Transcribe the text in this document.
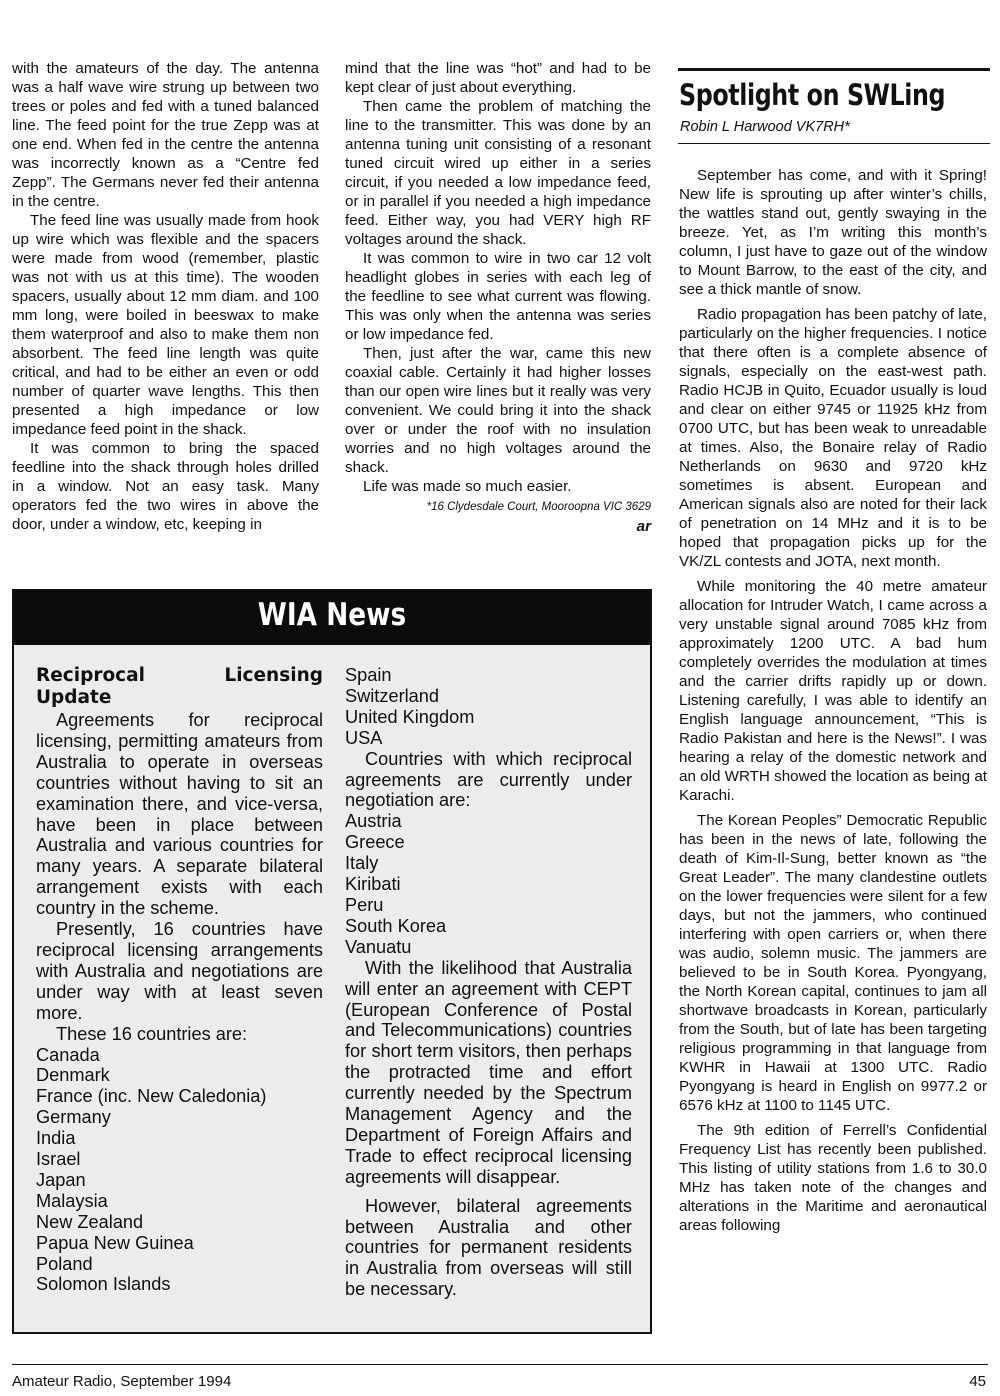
with the amateurs of the day. The antenna was a half wave wire strung up between two trees or poles and fed with a tuned balanced line. The feed point for the true Zepp was at one end. When fed in the centre the antenna was incorrectly known as a “Centre fed Zepp”. The Germans never fed their antenna in the centre.

The feed line was usually made from hook up wire which was flexible and the spacers were made from wood (remember, plastic was not with us at this time). The wooden spacers, usually about 12 mm diam. and 100 mm long, were boiled in beeswax to make them waterproof and also to make them non absorbent. The feed line length was quite critical, and had to be either an even or odd number of quarter wave lengths. This then presented a high impedance or low impedance feed point in the shack.

It was common to bring the spaced feedline into the shack through holes drilled in a window. Not an easy task. Many operators fed the two wires in above the door, under a window, etc, keeping in

mind that the line was “hot” and had to be kept clear of just about everything.

Then came the problem of matching the line to the transmitter. This was done by an antenna tuning unit consisting of a resonant tuned circuit wired up either in a series circuit, if you needed a low impedance feed, or in parallel if you needed a high impedance feed. Either way, you had VERY high RF voltages around the shack.

It was common to wire in two car 12 volt headlight globes in series with each leg of the feedline to see what current was flowing. This was only when the antenna was series or low impedance fed.

Then, just after the war, came this new coaxial cable. Certainly it had higher losses than our open wire lines but it really was very convenient. We could bring it into the shack over or under the roof with no insulation worries and no high voltages around the shack.

Life was made so much easier.

*16 Clydesdale Court, Mooroopna VIC 3629

ar

Spotlight on SWLing
Robin L Harwood VK7RH*

September has come, and with it Spring! New life is sprouting up after winter’s chills, the wattles stand out, gently swaying in the breeze. Yet, as I’m writing this month’s column, I just have to gaze out of the window to Mount Barrow, to the east of the city, and see a thick mantle of snow.

Radio propagation has been patchy of late, particularly on the higher frequencies. I notice that there often is a complete absence of signals, especially on the east-west path. Radio HCJB in Quito, Ecuador usually is loud and clear on either 9745 or 11925 kHz from 0700 UTC, but has been weak to unreadable at times. Also, the Bonaire relay of Radio Netherlands on 9630 and 9720 kHz sometimes is absent. European and American signals also are noted for their lack of penetration on 14 MHz and it is to be hoped that propagation picks up for the VK/ZL contests and JOTA, next month.

While monitoring the 40 metre amateur allocation for Intruder Watch, I came across a very unstable signal around 7085 kHz from approximately 1200 UTC. A bad hum completely overrides the modulation at times and the carrier drifts rapidly up or down. Listening carefully, I was able to identify an English language announcement, “This is Radio Pakistan and here is the News!”. I was hearing a relay of the domestic network and an old WRTH showed the location as being at Karachi.

The Korean Peoples” Democratic Republic has been in the news of late, following the death of Kim-Il-Sung, better known as “the Great Leader”. The many clandestine outlets on the lower frequencies were silent for a few days, but not the jammers, who continued interfering with open carriers or, when there was audio, solemn music. The jammers are believed to be in South Korea. Pyongyang, the North Korean capital, continues to jam all shortwave broadcasts in Korean, particularly from the South, but of late has been targeting religious programming in that language from KWHR in Hawaii at 1300 UTC. Radio Pyongyang is heard in English on 9977.2 or 6576 kHz at 1100 to 1145 UTC.

The 9th edition of Ferrell’s Confidential Frequency List has recently been published. This listing of utility stations from 1.6 to 30.0 MHz has taken note of the changes and alterations in the Maritime and aeronautical areas following

WIA News

Reciprocal Licensing Update

Agreements for reciprocal licensing, permitting amateurs from Australia to operate in overseas countries without having to sit an examination there, and vice-versa, have been in place between Australia and various countries for many years. A separate bilateral arrangement exists with each country in the scheme.

Presently, 16 countries have reciprocal licensing arrangements with Australia and negotiations are under way with at least seven more.

These 16 countries are:

Canada

Denmark

France (inc. New Caledonia)

Germany

India

Israel

Japan

Malaysia

New Zealand

Papua New Guinea

Poland

Solomon Islands

Spain

Switzerland

United Kingdom

USA

Countries with which reciprocal agreements are currently under negotiation are:

Austria

Greece

Italy

Kiribati

Peru

South Korea

Vanuatu

With the likelihood that Australia will enter an agreement with CEPT (European Conference of Postal and Telecommunications) countries for short term visitors, then perhaps the protracted time and effort currently needed by the Spectrum Management Agency and the Department of Foreign Affairs and Trade to effect reciprocal licensing agreements will disappear.

However, bilateral agreements between Australia and other countries for permanent residents in Australia from overseas will still be necessary.

Amateur Radio, September 1994	45
